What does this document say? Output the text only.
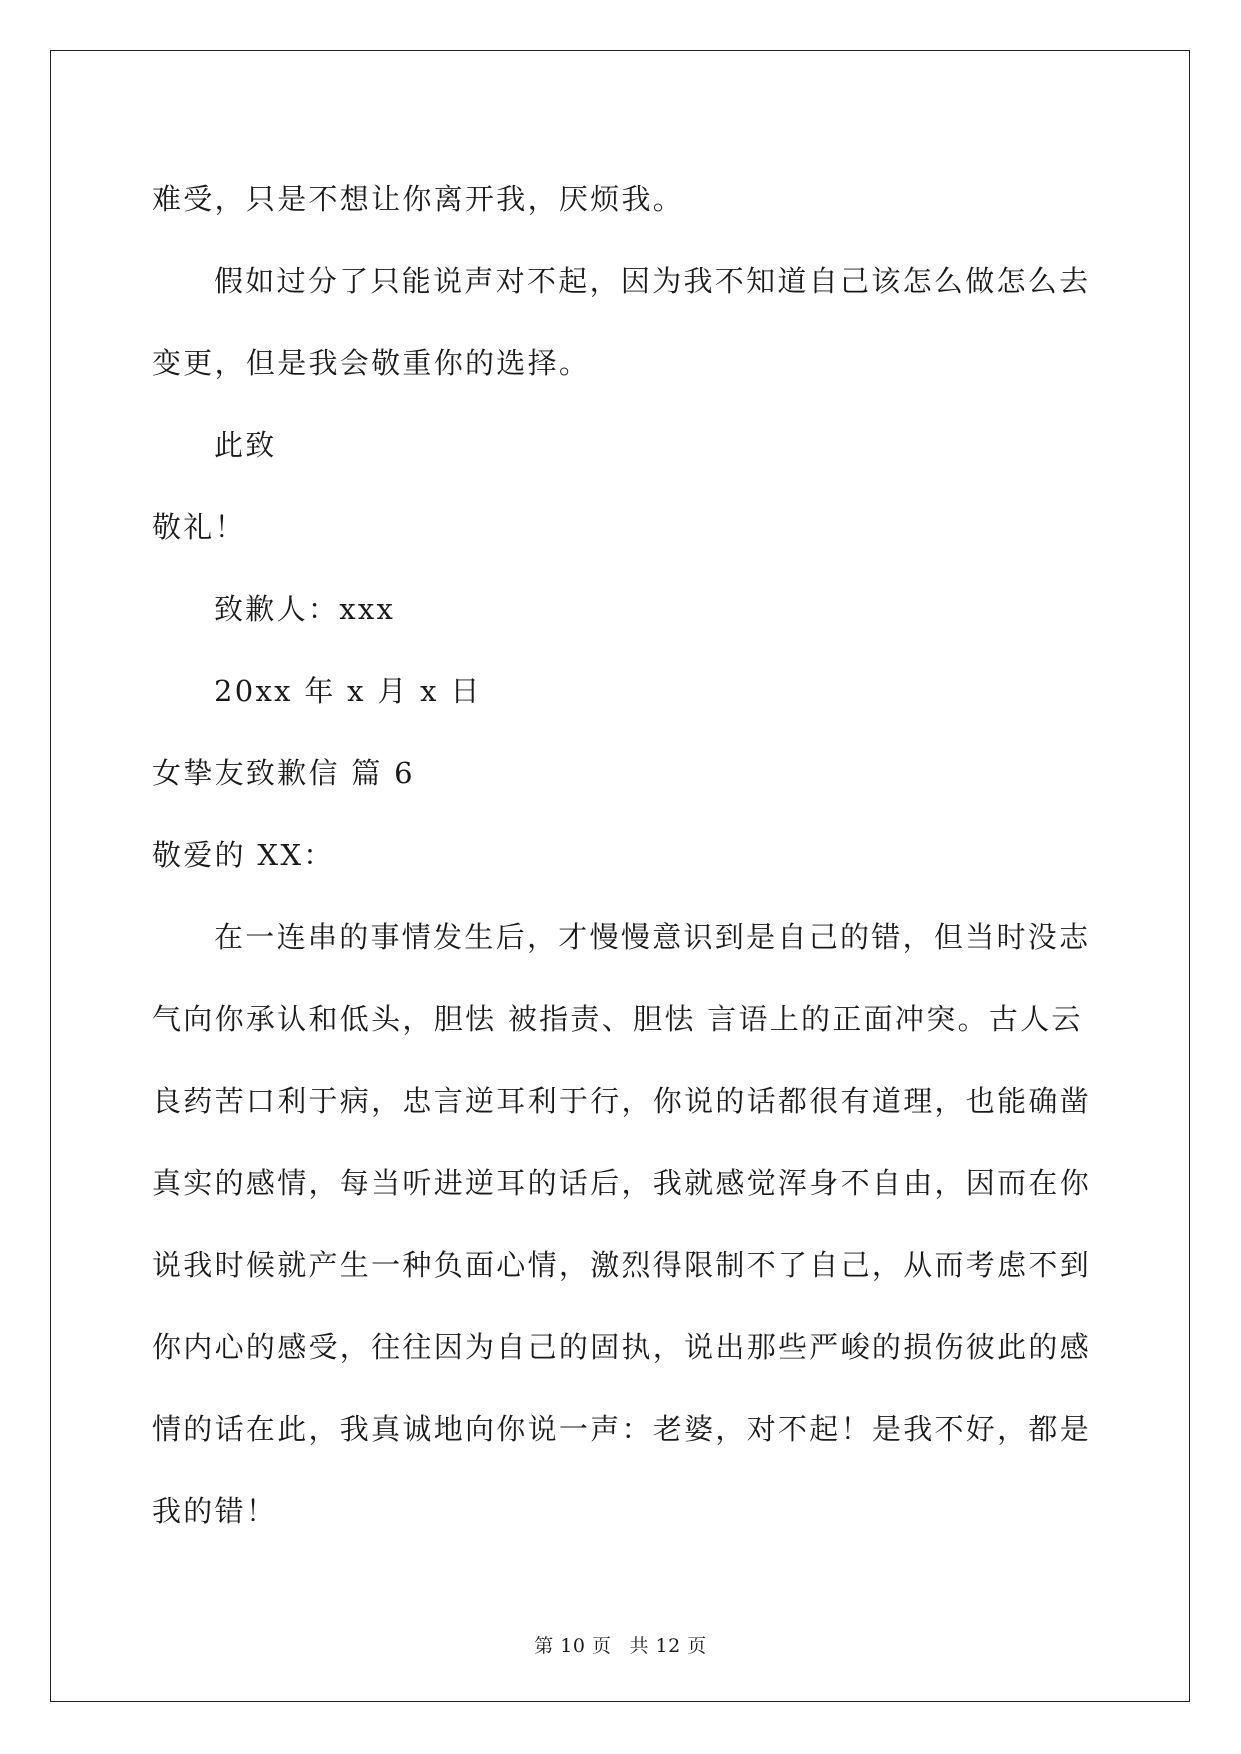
难受，只是不想让你离开我，厌烦我。
假如过分了只能说声对不起，因为我不知道自己该怎么做怎么去
变更，但是我会敬重你的选择。
此致
敬礼！
致歉人：xxx
20xx 年 x 月 x 日
女挚友致歉信 篇 6
敬爱的 XX：
在一连串的事情发生后，才慢慢意识到是自己的错，但当时没志
气向你承认和低头，胆怯 被指责、胆怯 言语上的正面冲突。古人云
良药苦口利于病，忠言逆耳利于行，你说的话都很有道理，也能确凿
真实的感情，每当听进逆耳的话后，我就感觉浑身不自由，因而在你
说我时候就产生一种负面心情，激烈得限制不了自己，从而考虑不到
你内心的感受，往往因为自己的固执，说出那些严峻的损伤彼此的感
情的话在此，我真诚地向你说一声：老婆，对不起！是我不好，都是
我的错！
第 10 页 共 12 页
